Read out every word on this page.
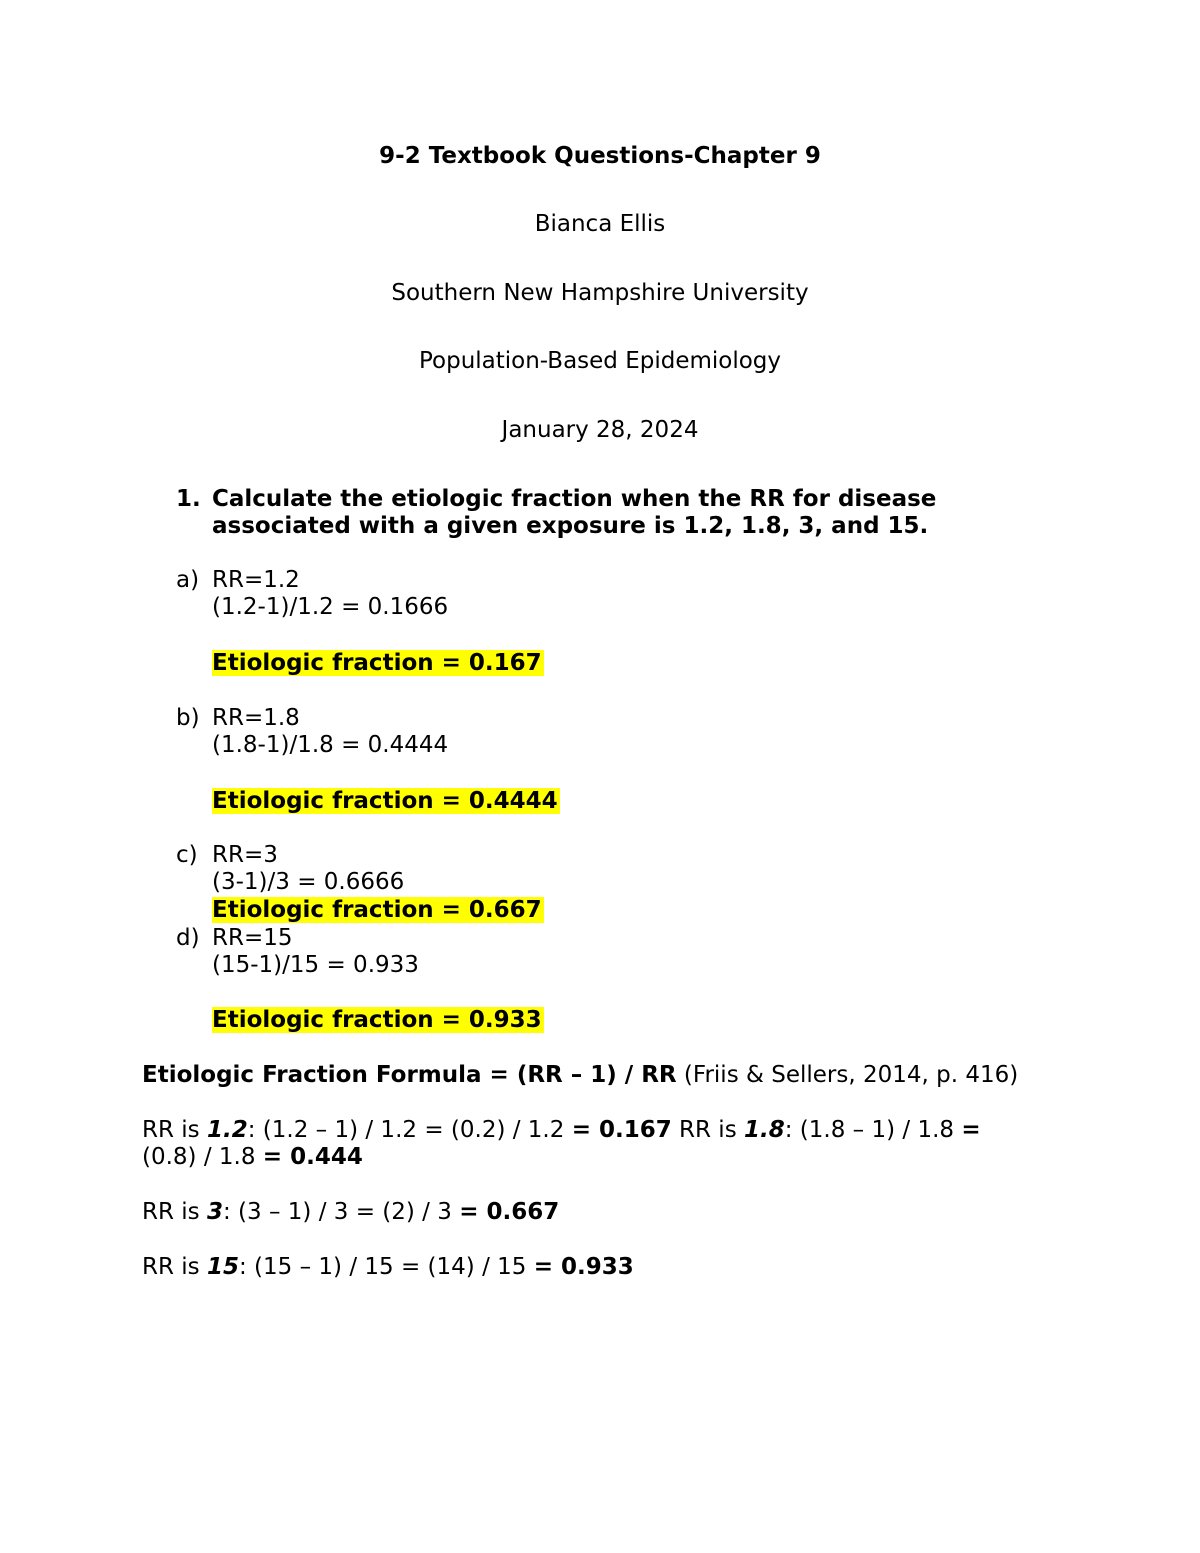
9-2 Textbook Questions-Chapter 9
Bianca Ellis
Southern New Hampshire University
Population-Based Epidemiology
January 28, 2024
1. Calculate the etiologic fraction when the RR for disease
associated with a given exposure is 1.2, 1.8, 3, and 15.
a) RR=1.2
(1.2-1)/1.2 = 0.1666
Etiologic fraction = 0.167
b) RR=1.8
(1.8-1)/1.8 = 0.4444
Etiologic fraction = 0.4444
c) RR=3
(3-1)/3 = 0.6666
Etiologic fraction = 0.667
d) RR=15
(15-1)/15 = 0.933
Etiologic fraction = 0.933
Etiologic Fraction Formula = (RR – 1) / RR (Friis & Sellers, 2014, p. 416)
RR is 1.2: (1.2 – 1) / 1.2 = (0.2) / 1.2 = 0.167 RR is 1.8: (1.8 – 1) / 1.8 =
(0.8) / 1.8 = 0.444
RR is 3: (3 – 1) / 3 = (2) / 3 = 0.667
RR is 15: (15 – 1) / 15 = (14) / 15 = 0.933
